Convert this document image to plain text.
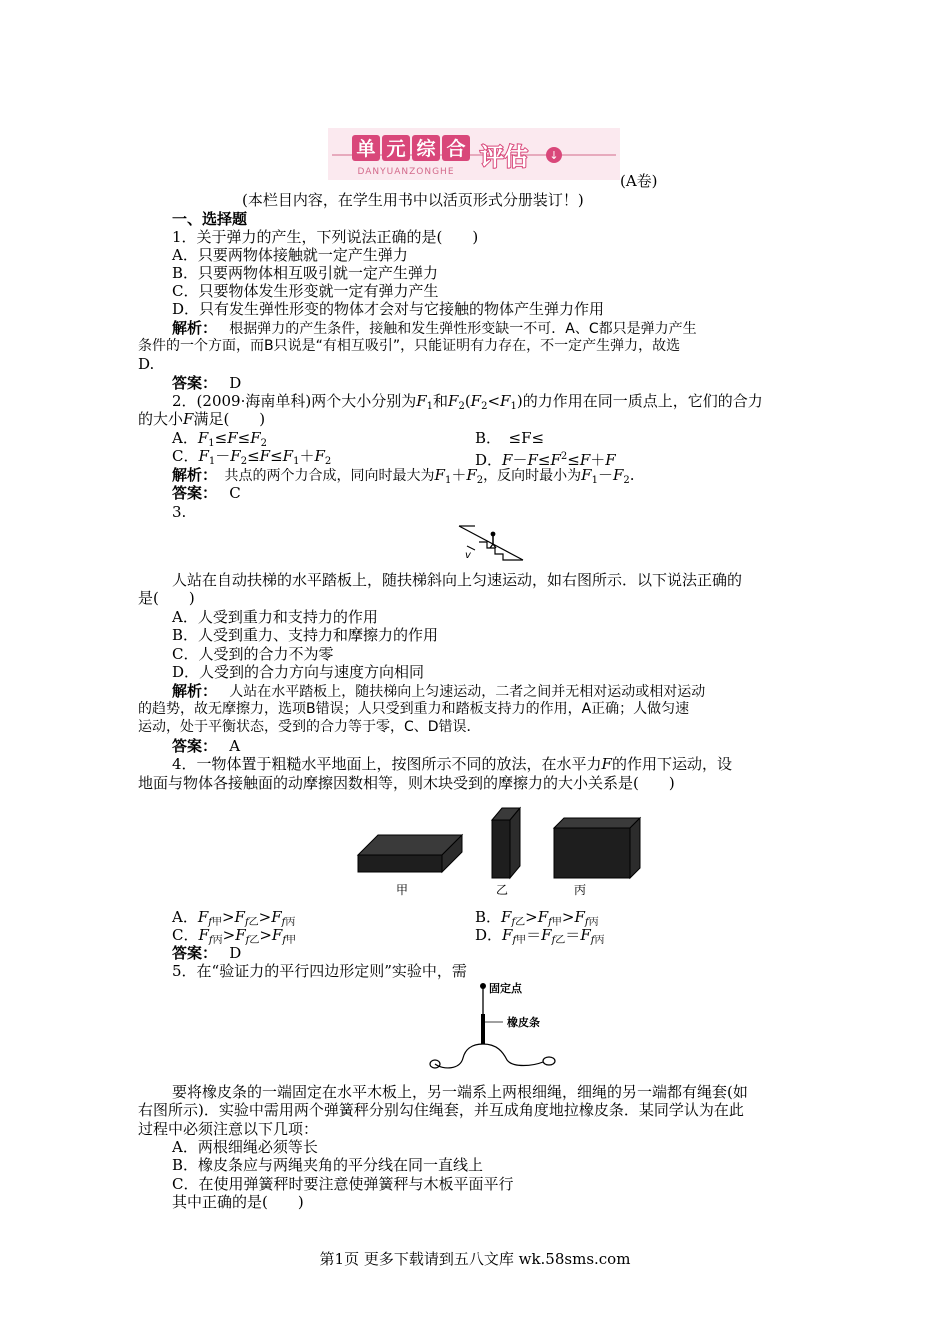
单 元 综 合 评估 ↓
DANYUANZONGHE	(A卷)
(本栏目内容，在学生用书中以活页形式分册装订！)
一、选择题
1．关于弹力的产生，下列说法正确的是(　　)
A．只要两物体接触就一定产生弹力
B．只要两物体相互吸引就一定产生弹力
C．只要物体发生形变就一定有弹力产生
D．只有发生弹性形变的物体才会对与它接触的物体产生弹力作用
解析：　 根据弹力的产生条件，接触和发生弹性形变缺一不可．A、C都只是弹力产生
条件的一个方面，而B只说是“有相互吸引”，只能证明有力存在，不一定产生弹力，故选
D.
答案：　 D
2．(2009·海南单科)两个大小分别为$F_1$和$F_2(F_2<F_1)$的力作用在同一质点上，它们的合力
的大小F满足(　　)
A．$F_1\le F\le F_2$	B．　≤F≤
C．$F_1-F_2\le F\le F_1+F_2$	D．$F-F\le F^2\le F+F$
解析：　 共点的两个力合成，同向时最大为$F_1+F_2$，反向时最小为$F_1-F_2$.
答案：　 C
3.
v
人站在自动扶梯的水平踏板上，随扶梯斜向上匀速运动，如右图所示．以下说法正确的
是(　　)
A．人受到重力和支持力的作用
B．人受到重力、支持力和摩擦力的作用
C．人受到的合力不为零
D．人受到的合力方向与速度方向相同
解析：　 人站在水平踏板上，随扶梯向上匀速运动，二者之间并无相对运动或相对运动
的趋势，故无摩擦力，选项B错误；人只受到重力和踏板支持力的作用，A正确；人做匀速
运动，处于平衡状态，受到的合力等于零，C、D错误．
答案：　 A
4．一物体置于粗糙水平地面上，按图所示不同的放法，在水平力F的作用下运动，设
地面与物体各接触面的动摩擦因数相等，则木块受到的摩擦力的大小关系是(　　)
甲	乙	丙
A．$F_{f甲}>F_{f乙}>F_{f丙}$	B．$F_{f乙}>F_{f甲}>F_{f丙}$
C．$F_{f丙}>F_{f乙}>F_{f甲}$	D．$F_{f甲}=F_{f乙}=F_{f丙}$
答案：　 D
5．在“验证力的平行四边形定则”实验中，需
固定点
橡皮条
要将橡皮条的一端固定在水平木板上，另一端系上两根细绳，细绳的另一端都有绳套(如
右图所示)．实验中需用两个弹簧秤分别勾住绳套，并互成角度地拉橡皮条．某同学认为在此
过程中必须注意以下几项：
A．两根细绳必须等长
B．橡皮条应与两绳夹角的平分线在同一直线上
C．在使用弹簧秤时要注意使弹簧秤与木板平面平行
其中正确的是(　　)
第1页 更多下载请到五八文库 wk.58sms.com
